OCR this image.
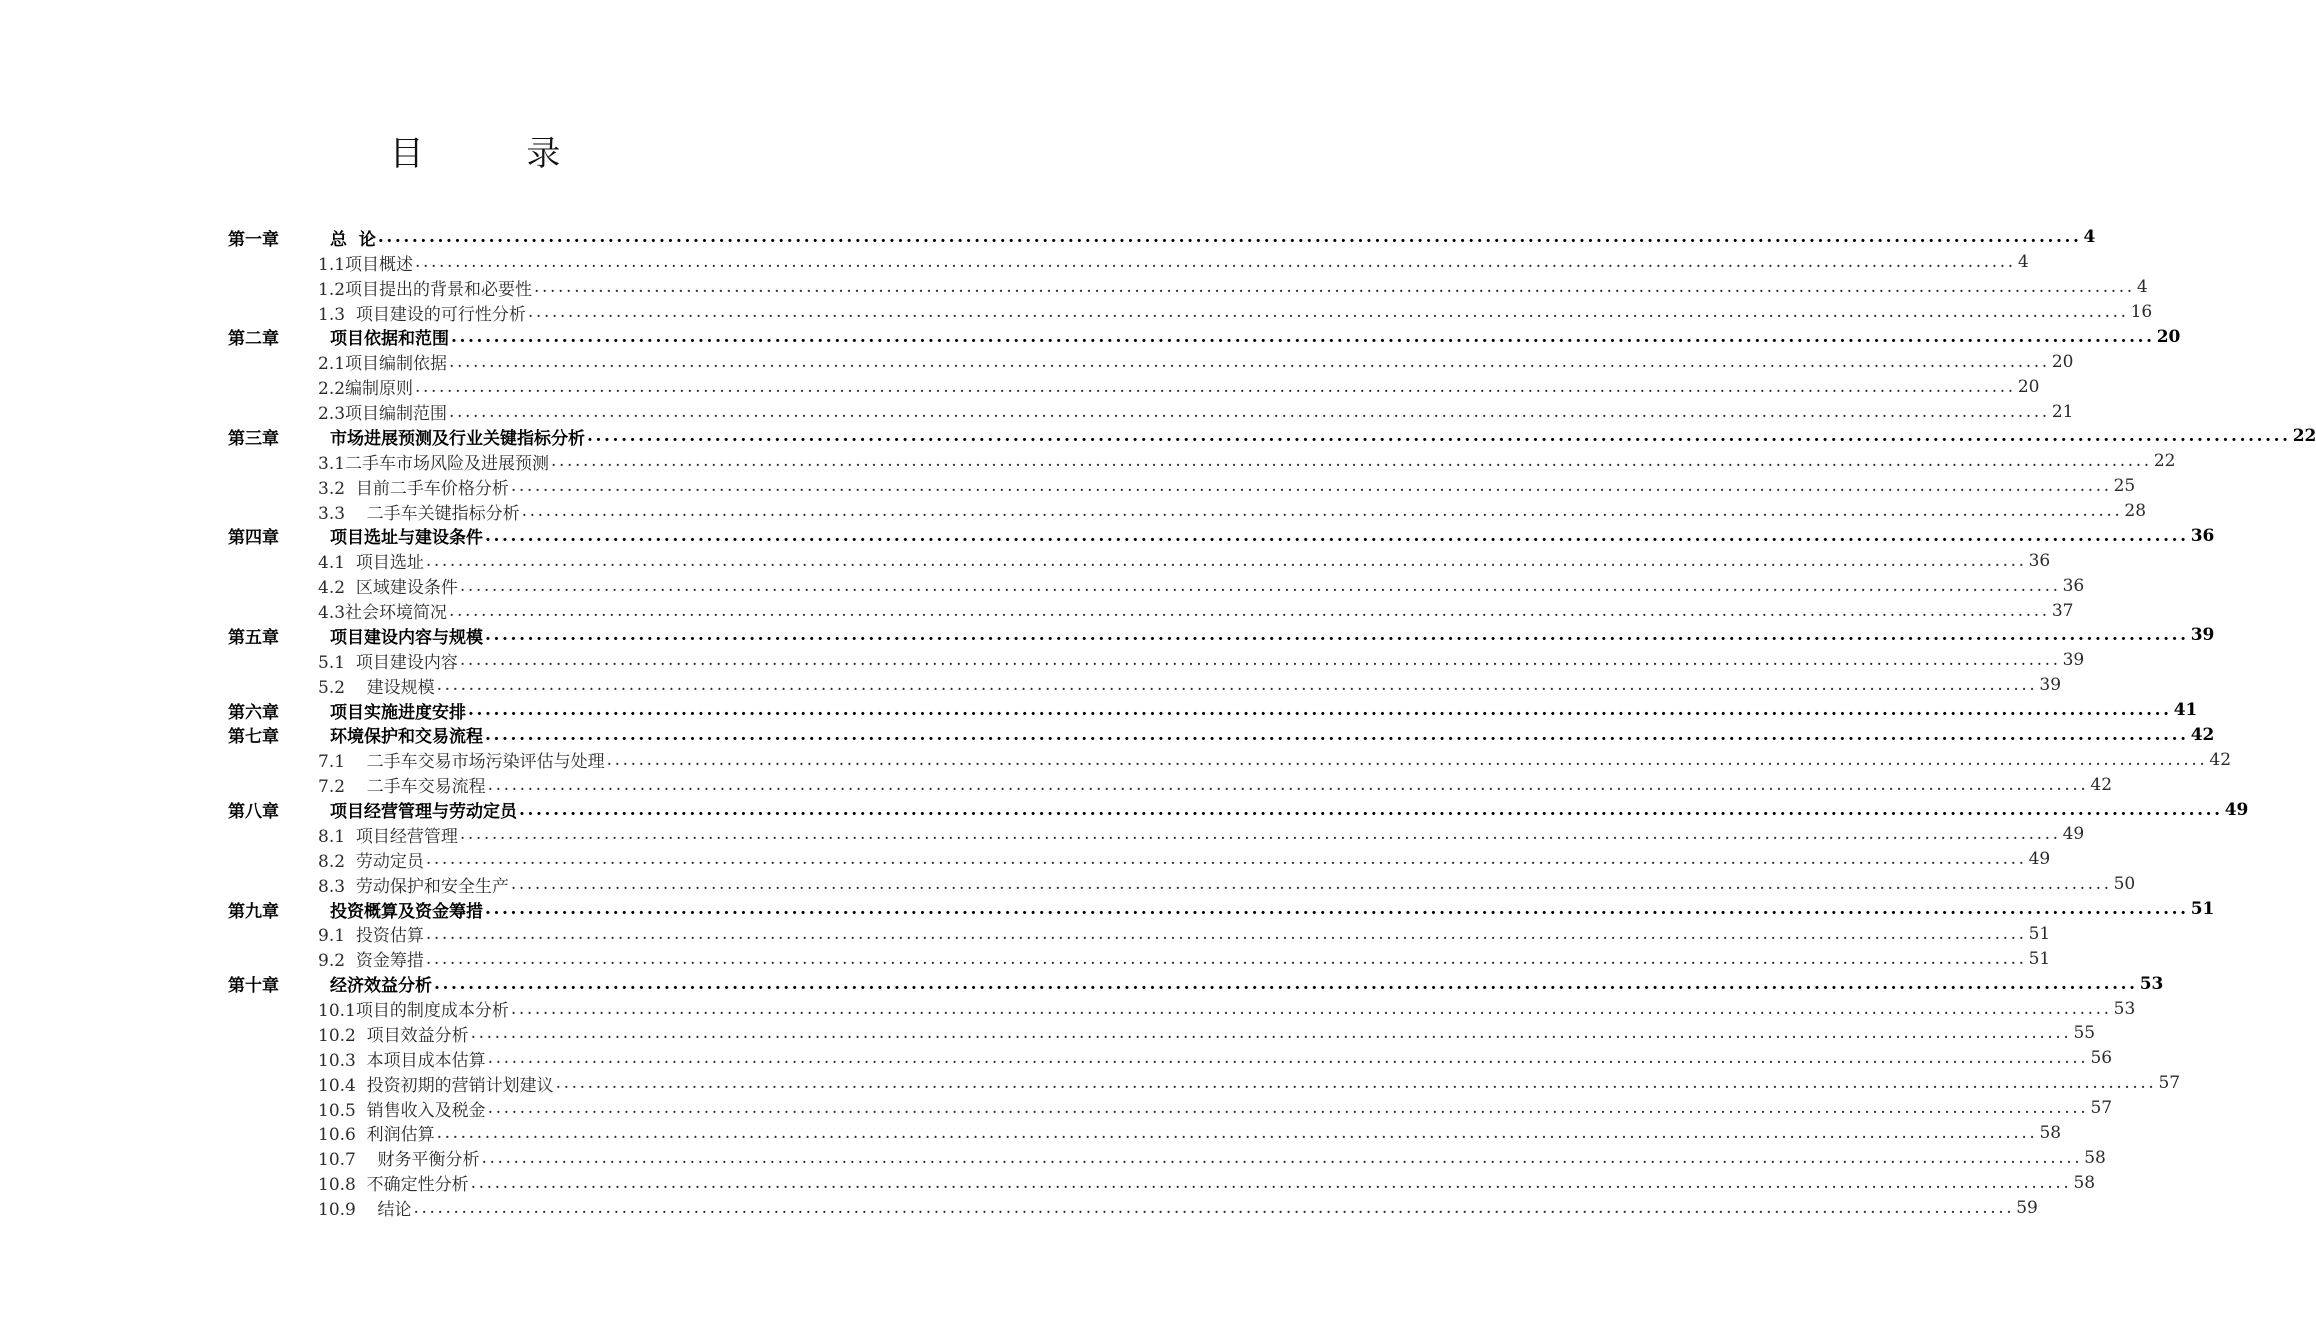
目 录
第一章	总  论 ........................................................................................................................................................................................................ 4
1.1项目概述 ........................................................................................................................................................................................................ 4
1.2项目提出的背景和必要性 ........................................................................................................................................................................................................ 4
1.3  项目建设的可行性分析 ........................................................................................................................................................................................................ 16
第二章	项目依据和范围 ........................................................................................................................................................................................................ 20
2.1项目编制依据 ........................................................................................................................................................................................................ 20
2.2编制原则 ........................................................................................................................................................................................................ 20
2.3项目编制范围 ........................................................................................................................................................................................................ 21
第三章	市场进展预测及行业关键指标分析 ........................................................................................................................................................................................................ 22
3.1二手车市场风险及进展预测 ........................................................................................................................................................................................................ 22
3.2  目前二手车价格分析 ........................................................................................................................................................................................................ 25
3.3    二手车关键指标分析 ........................................................................................................................................................................................................ 28
第四章	项目选址与建设条件 ........................................................................................................................................................................................................ 36
4.1  项目选址 ........................................................................................................................................................................................................ 36
4.2  区域建设条件 ........................................................................................................................................................................................................ 36
4.3社会环境简况 ........................................................................................................................................................................................................ 37
第五章	项目建设内容与规模 ........................................................................................................................................................................................................ 39
5.1  项目建设内容 ........................................................................................................................................................................................................ 39
5.2    建设规模 ........................................................................................................................................................................................................ 39
第六章	项目实施进度安排 ........................................................................................................................................................................................................ 41
第七章	环境保护和交易流程 ........................................................................................................................................................................................................ 42
7.1    二手车交易市场污染评估与处理 ........................................................................................................................................................................................................ 42
7.2    二手车交易流程 ........................................................................................................................................................................................................ 42
第八章	项目经营管理与劳动定员 ........................................................................................................................................................................................................ 49
8.1  项目经营管理 ........................................................................................................................................................................................................ 49
8.2  劳动定员 ........................................................................................................................................................................................................ 49
8.3  劳动保护和安全生产 ........................................................................................................................................................................................................ 50
第九章	投资概算及资金筹措 ........................................................................................................................................................................................................ 51
9.1  投资估算 ........................................................................................................................................................................................................ 51
9.2  资金筹措 ........................................................................................................................................................................................................ 51
第十章	经济效益分析 ........................................................................................................................................................................................................ 53
10.1项目的制度成本分析 ........................................................................................................................................................................................................ 53
10.2  项目效益分析 ........................................................................................................................................................................................................ 55
10.3  本项目成本估算 ........................................................................................................................................................................................................ 56
10.4  投资初期的营销计划建议 ........................................................................................................................................................................................................ 57
10.5  销售收入及税金 ........................................................................................................................................................................................................ 57
10.6  利润估算 ........................................................................................................................................................................................................ 58
10.7    财务平衡分析 ........................................................................................................................................................................................................ 58
10.8  不确定性分析 ........................................................................................................................................................................................................ 58
10.9    结论 ........................................................................................................................................................................................................ 59
